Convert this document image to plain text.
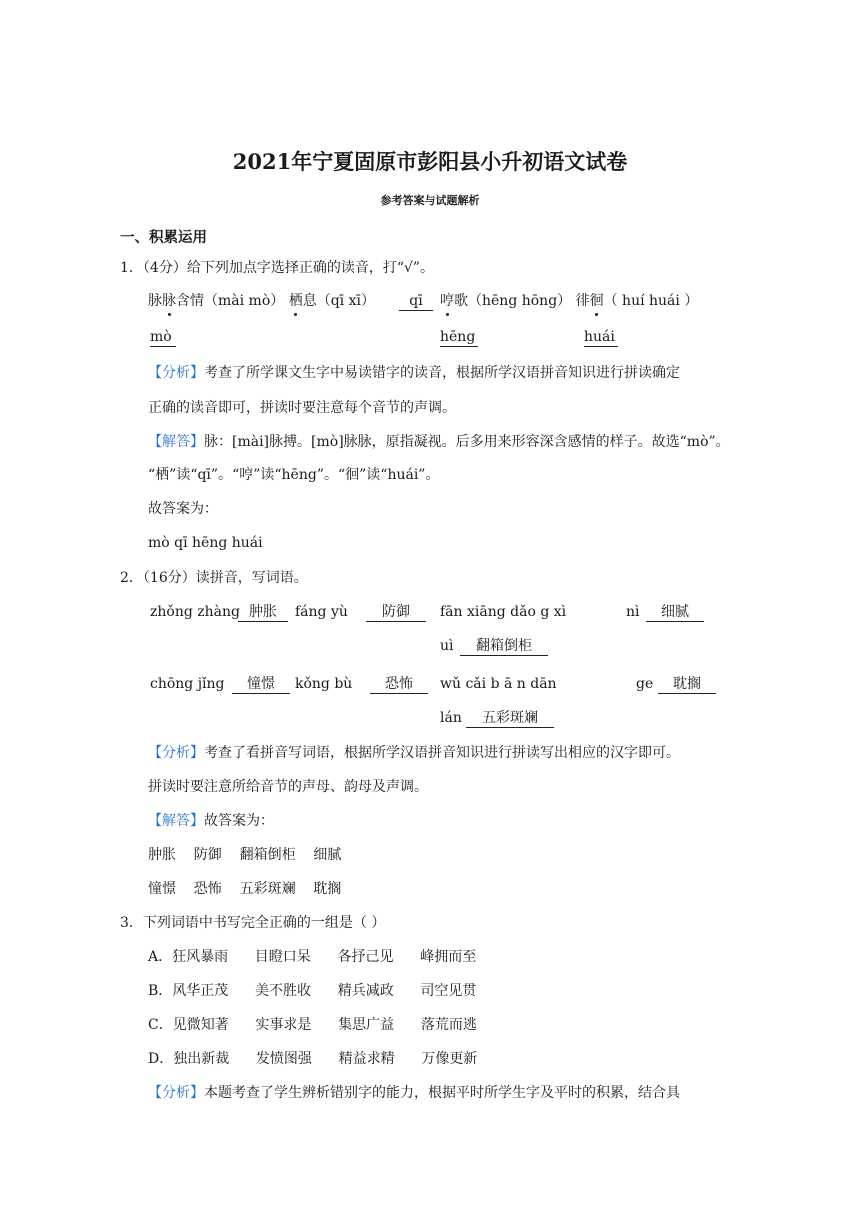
2021年宁夏固原市彭阳县小升初语文试卷
参考答案与试题解析
一、积累运用
1．（4分）给下列加点字选择正确的读音，打“√”。
脉脉含情（mài mò） 栖息（qī xī）	qī	哼歌（hēng hōng） 徘徊（ huí huái ）
mò	hēng	huái
【分析】考查了所学课文生字中易读错字的读音，根据所学汉语拼音知识进行拼读确定
正确的读音即可，拼读时要注意每个音节的声调。
【解答】脉：[mài]脉搏。[mò]脉脉，原指凝视。后多用来形容深含感情的样子。故选“mò”。
“栖”读“qī”。“哼”读“hēng”。“徊”读“huái”。
故答案为：
mò qī hēng huái
2．（16分）读拼音，写词语。
zhǒng zhàng 肿胀	fáng yù	防御	fān xiāng dǎo g xì	nì	细腻
uì	翻箱倒柜
chōng jǐng	憧憬	kǒng bù	恐怖	wǔ cǎi b ā n dān	ge	耽搁
lán	五彩斑斓
【分析】考查了看拼音写词语，根据所学汉语拼音知识进行拼读写出相应的汉字即可。
拼读时要注意所给音节的声母、韵母及声调。
【解答】故答案为：
肿胀    防御    翻箱倒柜    细腻
憧憬    恐怖    五彩斑斓    耽搁
3．下列词语中书写完全正确的一组是（ ）
A．狂风暴雨      目瞪口呆      各抒己见      峰拥而至
B．风华正茂      美不胜收      精兵减政      司空见贯
C．见微知著      实事求是      集思广益      落荒而逃
D．独出新裁      发愤图强      精益求精      万像更新
【分析】本题考查了学生辨析错别字的能力，根据平时所学生字及平时的积累，结合具
